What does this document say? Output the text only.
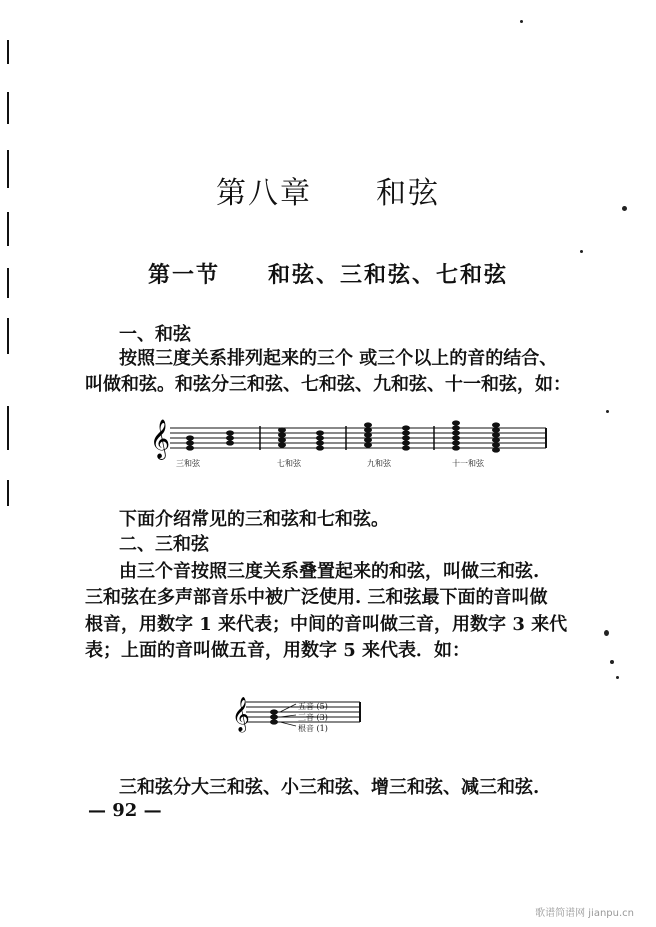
第八章　　和弦
第一节　　和弦、三和弦、七和弦
一、和弦
按照三度关系排列起来的三个 或三个以上的音的结合、
叫做和弦。和弦分三和弦、七和弦、九和弦、十一和弦，如：
𝄞
三和弦	七和弦	九和弦	十一和弦
下面介绍常见的三和弦和七和弦。
二、三和弦
由三个音按照三度关系叠置起来的和弦，叫做三和弦.
三和弦在多声部音乐中被广泛使用. 三和弦最下面的音叫做
根音，用数字 1 来代表；中间的音叫做三音，用数字 3 来代
表；上面的音叫做五音，用数字 5 来代表．如：
𝄞	五音 (5)
三音 (3)
根音 (1)
三和弦分大三和弦、小三和弦、增三和弦、减三和弦.
— 92 —
歌谱简谱网 jianpu.cn
